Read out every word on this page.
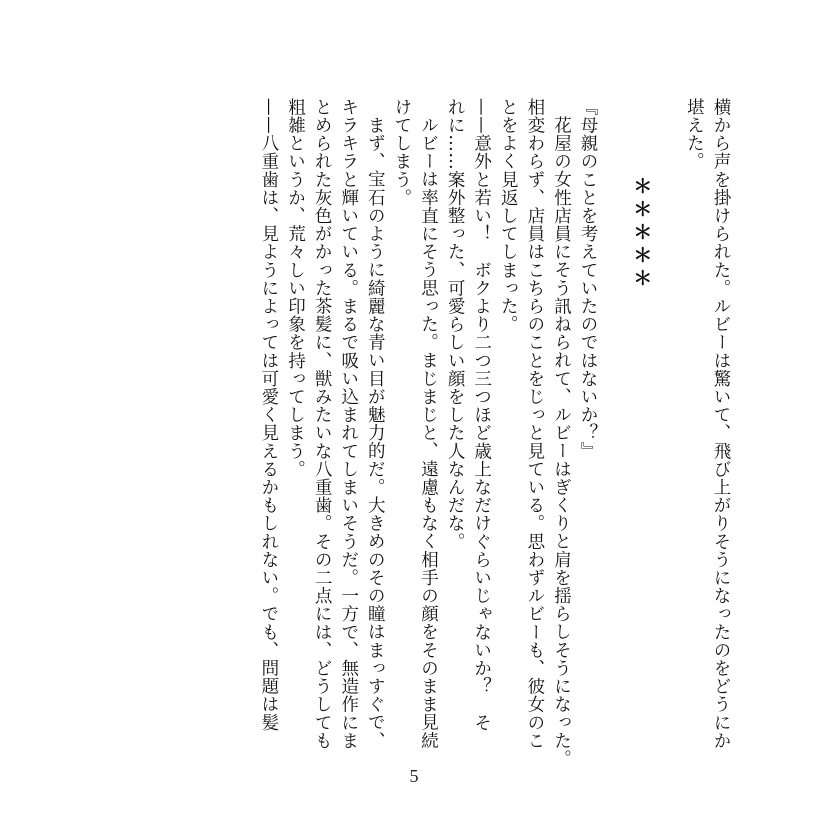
横から声を掛けられた。ルビーは驚いて、飛び上がりそうになったのをどうにか
堪えた。
＊＊＊＊＊
『母親のことを考えていたのではないか？』
花屋の女性店員にそう訊ねられて、ルビーはぎくりと肩を揺らしそうになった。
相変わらず、店員はこちらのことをじっと見ている。思わずルビーも、彼女のこ
とをよく見返してしまった。
——意外と若い！　ボクより二つ三つほど歳上なだけぐらいじゃないか？　そ
れに……案外整った、可愛らしい顔をした人なんだな。
ルビーは率直にそう思った。まじまじと、遠慮もなく相手の顔をそのまま見続
けてしまう。
まず、宝石のように綺麗な青い目が魅力的だ。大きめのその瞳はまっすぐで、
キラキラと輝いている。まるで吸い込まれてしまいそうだ。一方で、無造作にま
とめられた灰色がかった茶髪に、獣みたいな八重歯。その二点には、どうしても
粗雑というか、荒々しい印象を持ってしまう。
——八重歯は、見ようによっては可愛く見えるかもしれない。でも、問題は髪
5
